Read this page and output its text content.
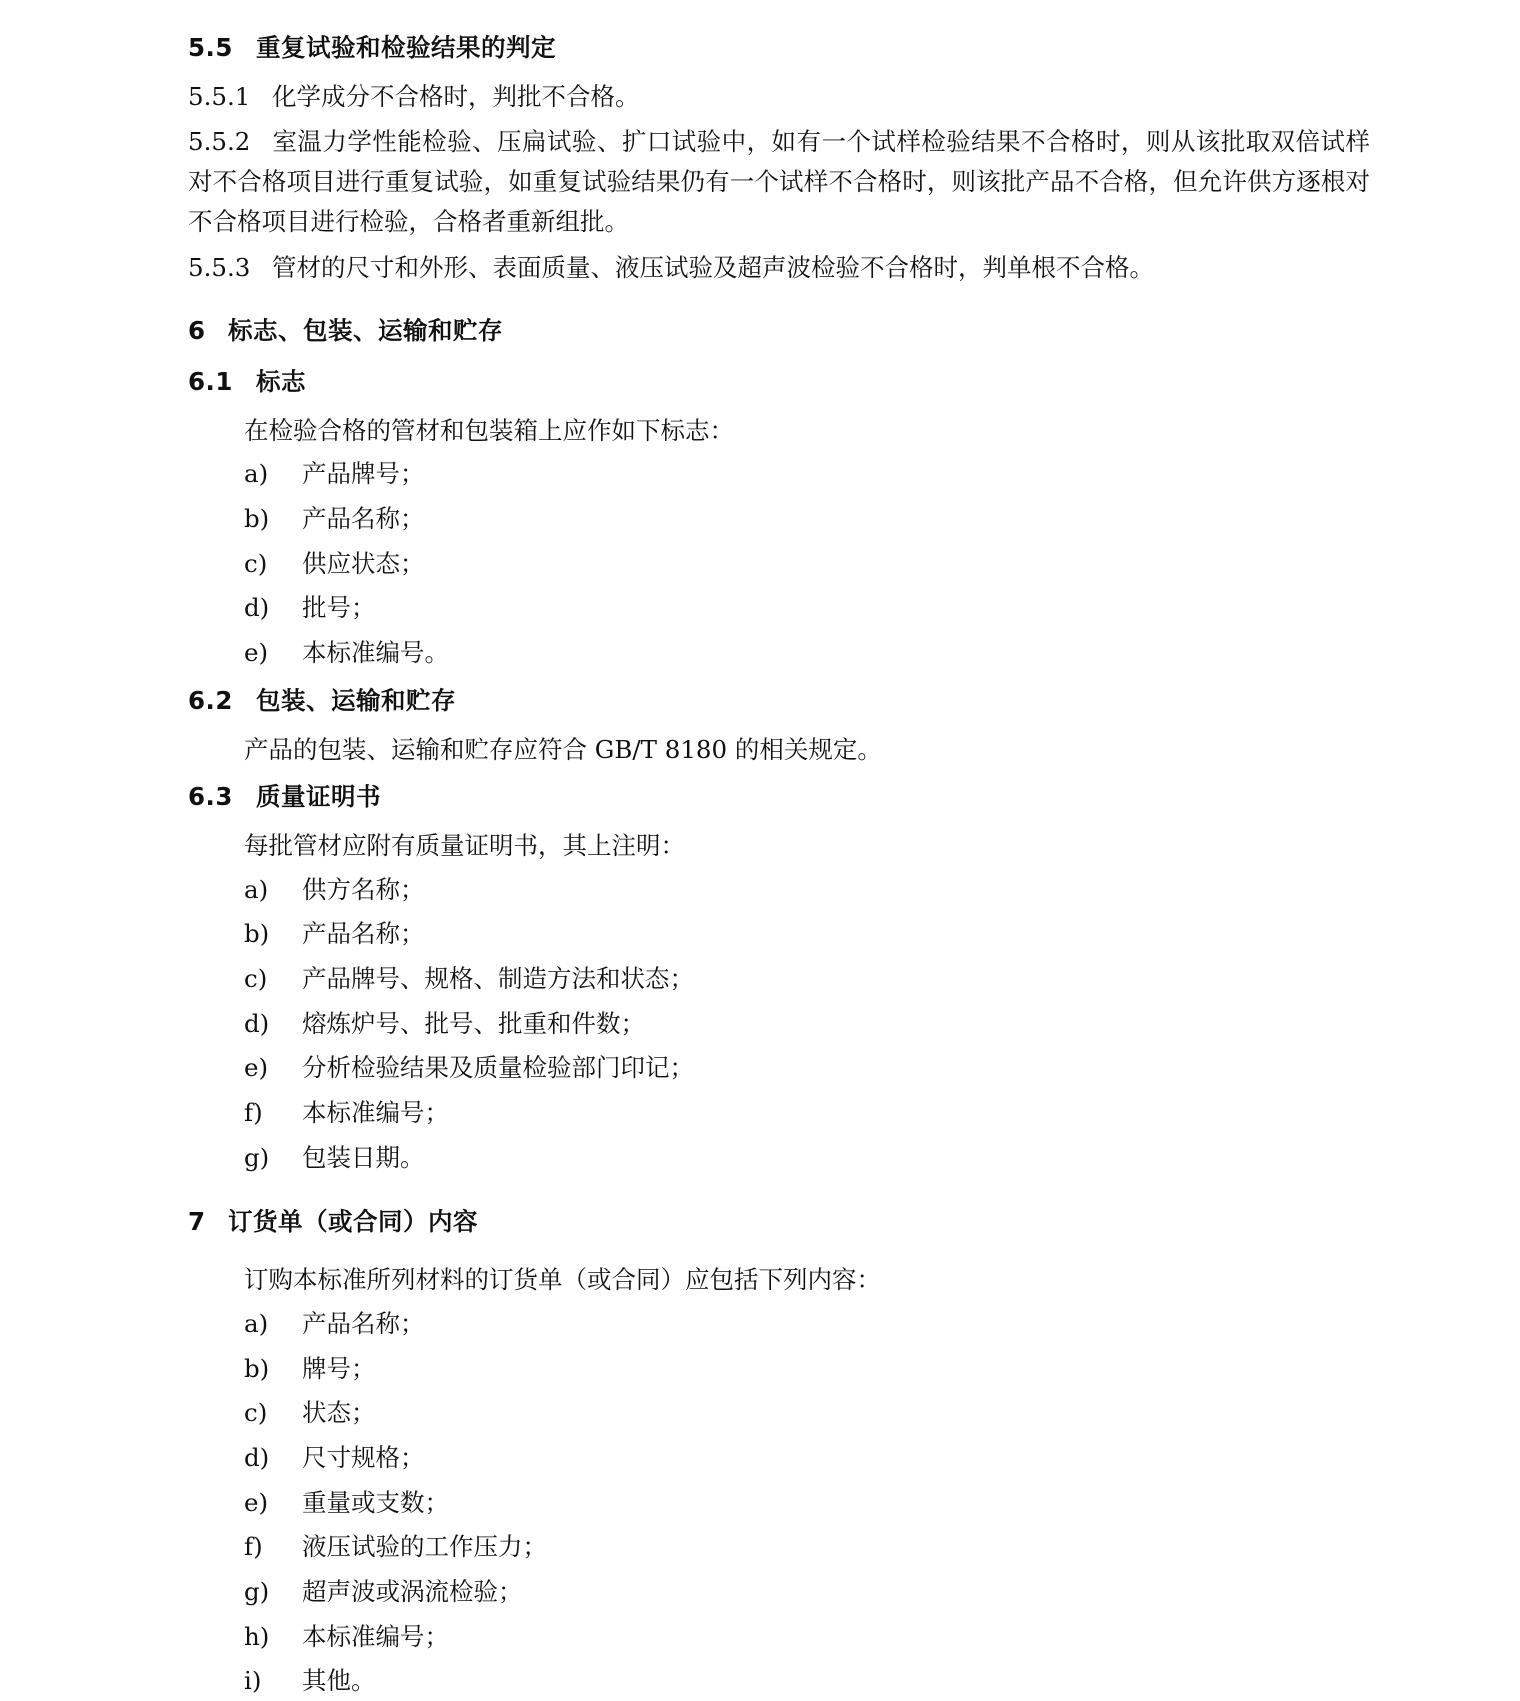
5.5 重复试验和检验结果的判定

5.5.1 化学成分不合格时，判批不合格。

5.5.2 室温力学性能检验、压扁试验、扩口试验中，如有一个试样检验结果不合格时，则从该批取双倍试样对不合格项目进行重复试验，如重复试验结果仍有一个试样不合格时，则该批产品不合格，但允许供方逐根对不合格项目进行检验，合格者重新组批。

5.5.3 管材的尺寸和外形、表面质量、液压试验及超声波检验不合格时，判单根不合格。

6 标志、包装、运输和贮存
6.1 标志

在检验合格的管材和包装箱上应作如下标志：

a) 产品牌号；
b) 产品名称；
c) 供应状态；
d) 批号；
e) 本标准编号。
6.2 包装、运输和贮存

产品的包装、运输和贮存应符合 GB/T 8180 的相关规定。

6.3 质量证明书

每批管材应附有质量证明书，其上注明：

a) 供方名称；
b) 产品名称；
c) 产品牌号、规格、制造方法和状态；
d) 熔炼炉号、批号、批重和件数；
e) 分析检验结果及质量检验部门印记；
f) 本标准编号；
g) 包装日期。
7 订货单（或合同）内容

订购本标准所列材料的订货单（或合同）应包括下列内容：

a) 产品名称；
b) 牌号；
c) 状态；
d) 尺寸规格；
e) 重量或支数；
f) 液压试验的工作压力；
g) 超声波或涡流检验；
h) 本标准编号；
i) 其他。
